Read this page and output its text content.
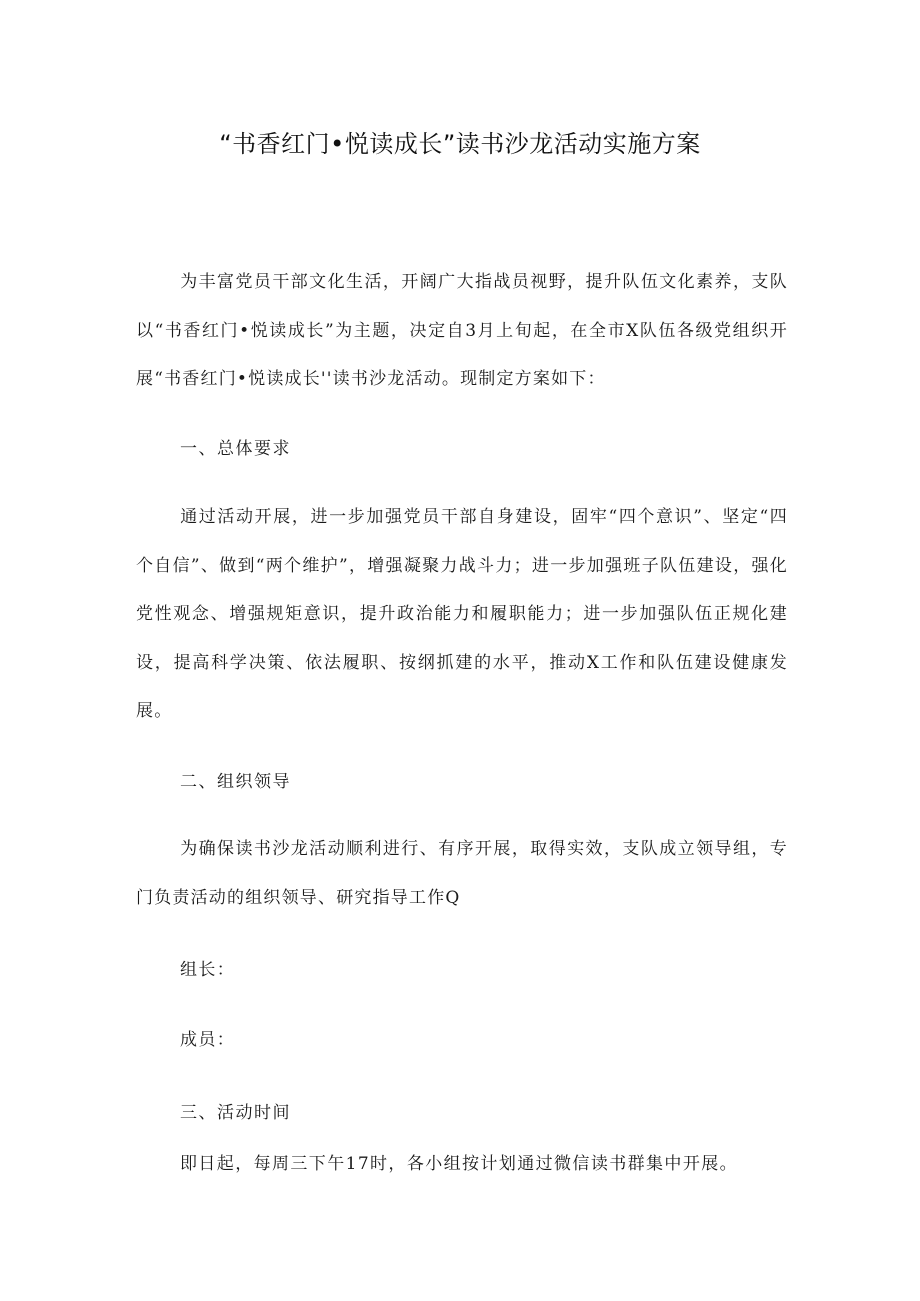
“书香红门•悦读成长”读书沙龙活动实施方案

为丰富党员干部文化生活，开阔广大指战员视野，提升队伍文化素养，支队以“书香红门•悦读成长”为主题，决定自3月上旬起，在全市X队伍各级党组织开展“书香红门•悦读成长''读书沙龙活动。现制定方案如下：

一、总体要求

通过活动开展，进一步加强党员干部自身建设，固牢“四个意识”、坚定“四个自信”、做到“两个维护”，增强凝聚力战斗力；进一步加强班子队伍建设，强化党性观念、增强规矩意识，提升政治能力和履职能力；进一步加强队伍正规化建设，提高科学决策、依法履职、按纲抓建的水平，推动X工作和队伍建设健康发展。

二、组织领导

为确保读书沙龙活动顺利进行、有序开展，取得实效，支队成立领导组，专门负责活动的组织领导、研究指导工作Q

组长：

成员：

三、活动时间

即日起，每周三下午17时，各小组按计划通过微信读书群集中开展。
